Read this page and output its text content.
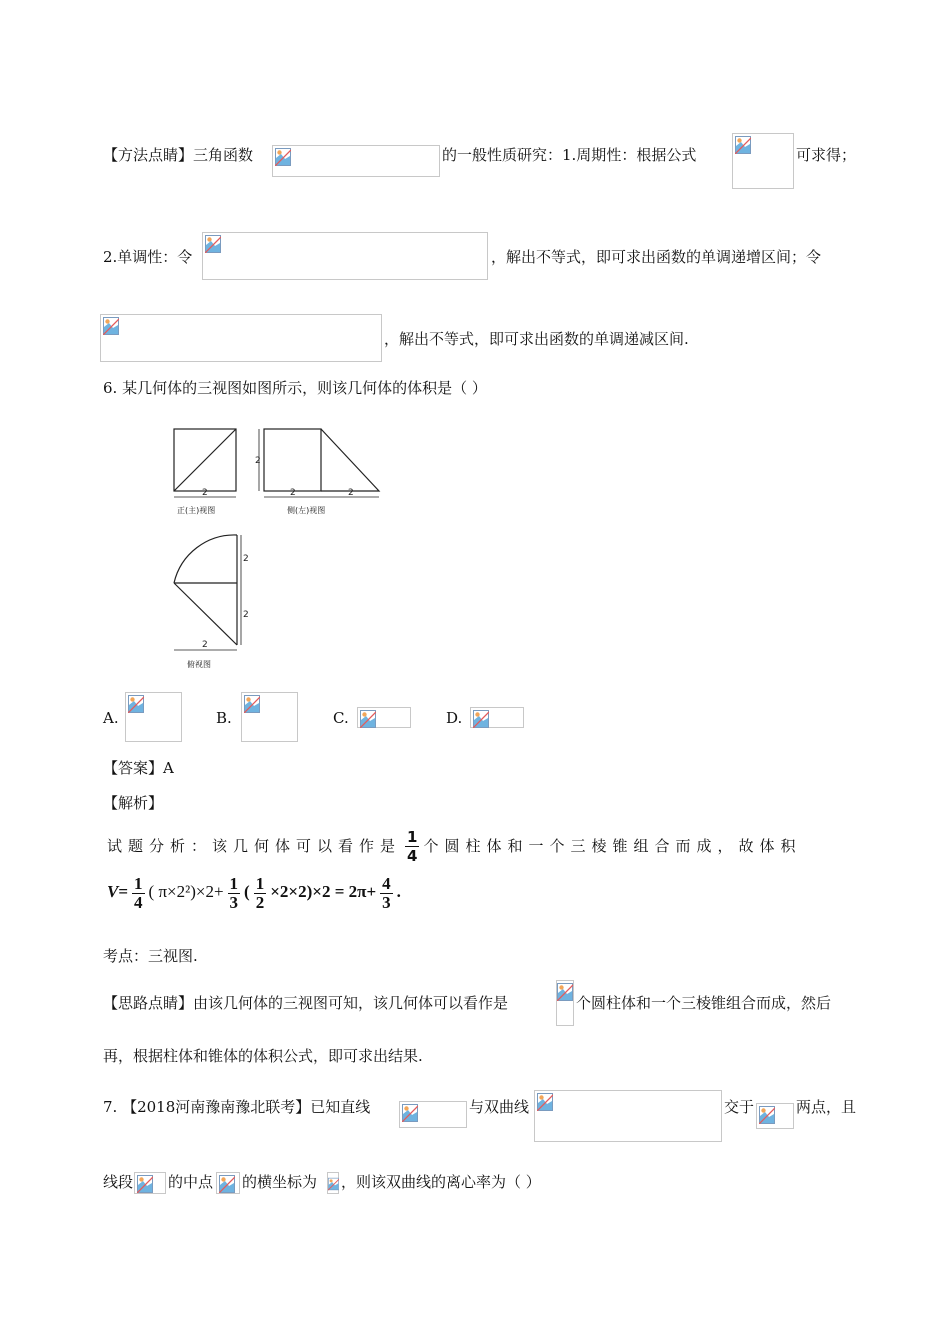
【方法点睛】三角函数	的一般性质研究：1.周期性：根据公式	可求得；
2.单调性：令	，解出不等式，即可求出函数的单调递增区间；令
，解出不等式，即可求出函数的单调递减区间.
6. 某几何体的三视图如图所示，则该几何体的体积是（ ）
2
2
2	2
2
2
2
正(主)视图	侧(左)视图
俯视图
A.	B.	C.	D.
【答案】A
【解析】
试题分析：该几何体可以看作是 $\frac{1}{4}$ 个圆柱体和一个三棱锥组合而成，故体积
$V= \frac{1}{4}$ ( $\pi\times 2^2)\times 2+ \frac{1}{3}$ ( $\frac{1}{2} \times 2\times 2)\times 2 = 2\pi+ \frac{4}{3}$ .
考点：三视图.
【思路点睛】由该几何体的三视图可知，该几何体可以看作是	个圆柱体和一个三棱锥组合而成，然后
再，根据柱体和锥体的体积公式，即可求出结果.
7. 【2018河南豫南豫北联考】已知直线	与双曲线	交于	两点，且
线段 的中点 的横坐标为 ，则该双曲线的离心率为（ ）
